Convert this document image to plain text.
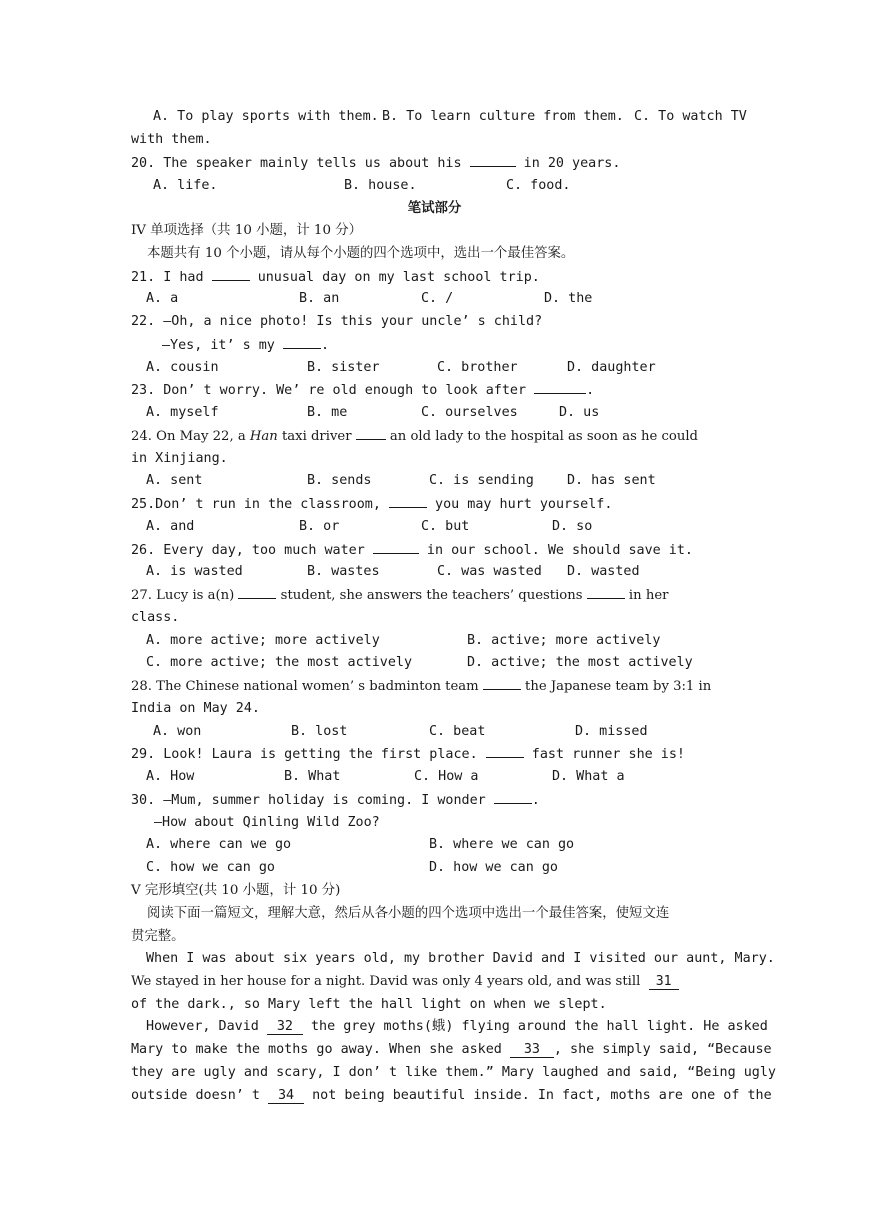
A. To play sports with them. B. To learn culture from them. C. To watch TV
with them.
20. The speaker mainly tells us about his	in 20 years.
A. life.	B. house.	C. food.
笔试部分
IV 单项选择（共 10 小题，计 10 分）
本题共有 10 个小题，请从每个小题的四个选项中，选出一个最佳答案。
21. I had	unusual day on my last school trip.
A. a	B. an	C. /	D. the
22. —Oh, a nice photo! Is this your uncle’ s child?
—Yes, it’ s my	.
A. cousin	B. sister	C. brother	D. daughter
23. Don’ t worry. We’ re old enough to look after	.
A. myself	B. me	C. ourselves	D. us
24. On May 22, a Han taxi driver	an old lady to the hospital as soon as he could
in Xinjiang.
A. sent	B. sends	C. is sending D. has sent
25.Don’ t run in the classroom,	you may hurt yourself.
A. and	B. or	C. but	D. so
26. Every day, too much water	in our school. We should save it.
A. is wasted	B. wastes	C. was wasted D. wasted
27. Lucy is a(n)	student, she answers the teachers’ questions	in her
class.
A. more active; more actively	B. active; more actively
C. more active; the most actively	D. active; the most actively
28. The Chinese national women’ s badminton team	the Japanese team by 3:1 in
India on May 24.
A. won	B. lost	C. beat	D. missed
29. Look! Laura is getting the first place.	fast runner she is!
A. How	B. What	C. How a	D. What a
30. —Mum, summer holiday is coming. I wonder	.
—How about Qinling Wild Zoo?
A. where can we go	B. where we can go
C. how we can go	D. how we can go
V 完形填空(共 10 小题，计 10 分)
阅读下面一篇短文，理解大意，然后从各小题的四个选项中选出一个最佳答案，使短文连
贯完整。
When I was about six years old, my brother David and I visited our aunt, Mary.
We stayed in her house for a night. David was only 4 years old, and was still 31
of the dark., so Mary left the hall light on when we slept.
However, David 32 the grey moths(蛾) flying around the hall light. He asked
Mary to make the moths go away. When she asked 33 , she simply said, “Because
they are ugly and scary, I don’ t like them.” Mary laughed and said, “Being ugly
outside doesn’ t 34 not being beautiful inside. In fact, moths are one of the
